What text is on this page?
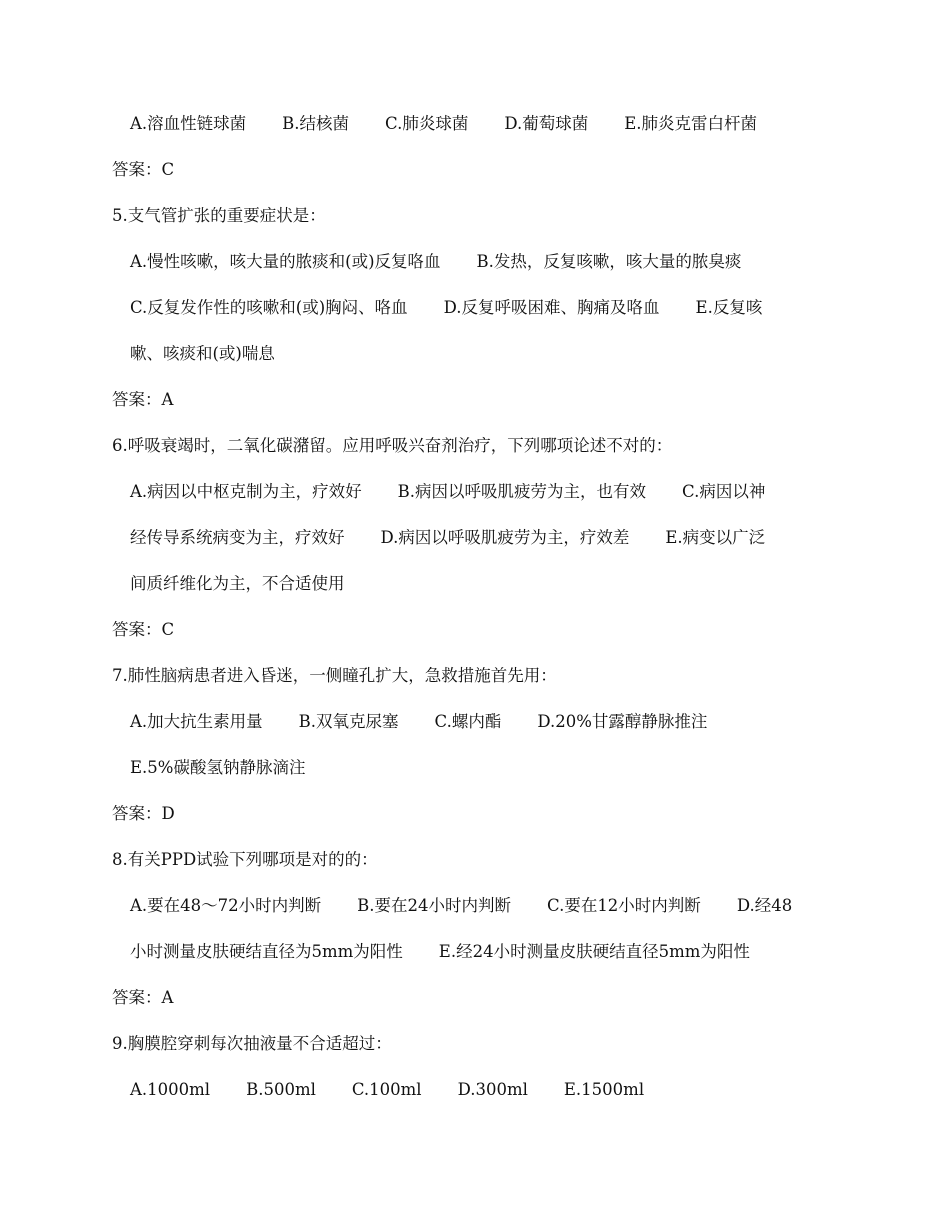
A.溶血性链球菌 B.结核菌 C.肺炎球菌 D.葡萄球菌 E.肺炎克雷白杆菌
答案：C
5.支气管扩张的重要症状是：
A.慢性咳嗽，咳大量的脓痰和(或)反复咯血 B.发热，反复咳嗽，咳大量的脓臭痰
C.反复发作性的咳嗽和(或)胸闷、咯血 D.反复呼吸困难、胸痛及咯血 E.反复咳
嗽、咳痰和(或)喘息
答案：A
6.呼吸衰竭时，二氧化碳潴留。应用呼吸兴奋剂治疗，下列哪项论述不对的：
A.病因以中枢克制为主，疗效好 B.病因以呼吸肌疲劳为主，也有效 C.病因以神
经传导系统病变为主，疗效好 D.病因以呼吸肌疲劳为主，疗效差 E.病变以广泛
间质纤维化为主，不合适使用
答案：C
7.肺性脑病患者进入昏迷，一侧瞳孔扩大，急救措施首先用：
A.加大抗生素用量 B.双氧克尿塞 C.螺内酯 D.20%甘露醇静脉推注
E.5%碳酸氢钠静脉滴注
答案：D
8.有关PPD试验下列哪项是对的的：
A.要在48～72小时内判断 B.要在24小时内判断 C.要在12小时内判断 D.经48
小时测量皮肤硬结直径为5mm为阳性 E.经24小时测量皮肤硬结直径5mm为阳性
答案：A
9.胸膜腔穿刺每次抽液量不合适超过：
A.1000ml B.500ml C.100ml D.300ml E.1500ml
